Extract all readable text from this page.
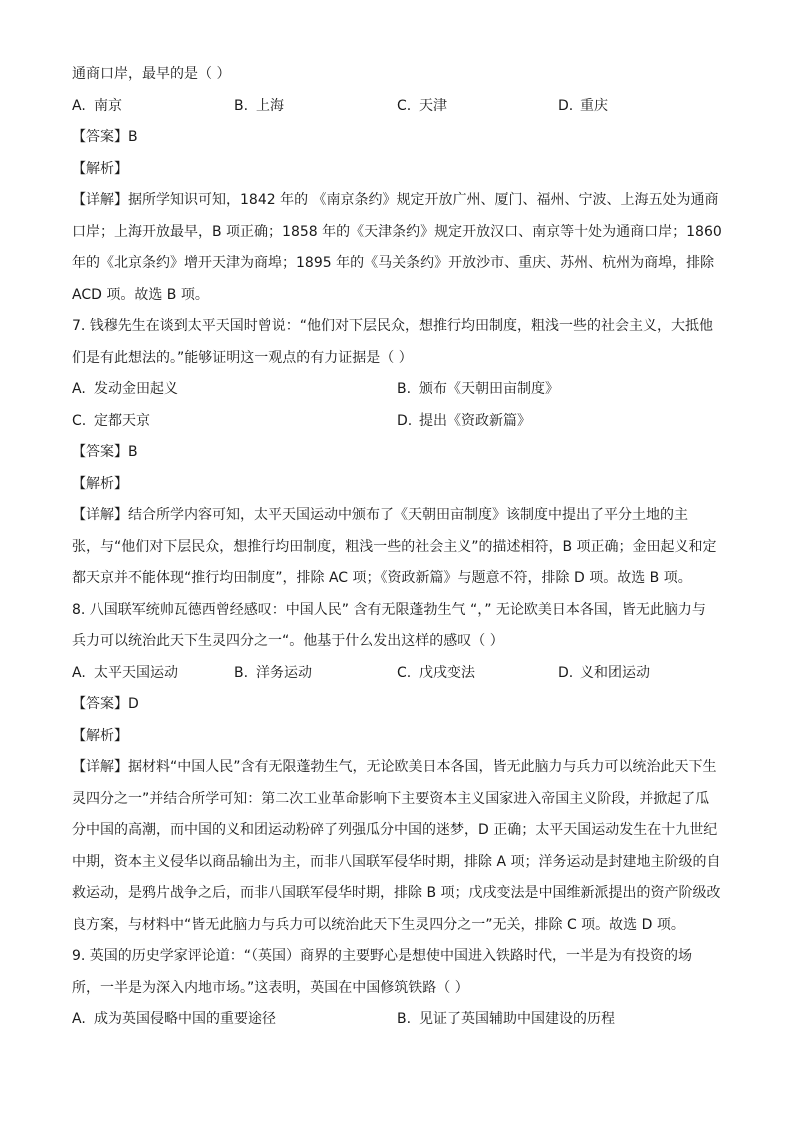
通商口岸，最早的是（ ）
A. 南京	B. 上海	C. 天津	D. 重庆
【答案】B
【解析】
【详解】据所学知识可知，1842 年的 《南京条约》规定开放广州、厦门、福州、宁波、上海五处为通商
口岸；上海开放最早，B 项正确；1858 年的《天津条约》规定开放汉口、南京等十处为通商口岸；1860
年的《北京条约》增开天津为商埠；1895 年的《马关条约》开放沙市、重庆、苏州、杭州为商埠，排除
ACD 项。故选 B 项。
7. 钱穆先生在谈到太平天国时曾说：“他们对下层民众，想推行均田制度，粗浅一些的社会主义，大抵他
们是有此想法的。”能够证明这一观点的有力证据是（ ）
A. 发动金田起义	B. 颁布《天朝田亩制度》
C. 定都天京	D. 提出《资政新篇》
【答案】B
【解析】
【详解】结合所学内容可知，太平天国运动中颁布了《天朝田亩制度》该制度中提出了平分土地的主
张，与“他们对下层民众，想推行均田制度，粗浅一些的社会主义”的描述相符，B 项正确；金田起义和定
都天京并不能体现“推行均田制度”，排除 AC 项；《资政新篇》与题意不符，排除 D 项。故选 B 项。
8. 八国联军统帅瓦德西曾经感叹：中国人民” 含有无限蓬勃生气 “，” 无论欧美日本各国，皆无此脑力与
兵力可以统治此天下生灵四分之一“。他基于什么发出这样的感叹（ ）
A. 太平天国运动	B. 洋务运动	C. 戊戌变法	D. 义和团运动
【答案】D
【解析】
【详解】据材料“中国人民”含有无限蓬勃生气，无论欧美日本各国，皆无此脑力与兵力可以统治此天下生
灵四分之一”并结合所学可知：第二次工业革命影响下主要资本主义国家进入帝国主义阶段，并掀起了瓜
分中国的高潮，而中国的义和团运动粉碎了列强瓜分中国的迷梦，D 正确；太平天国运动发生在十九世纪
中期，资本主义侵华以商品输出为主，而非八国联军侵华时期，排除 A 项；洋务运动是封建地主阶级的自
救运动，是鸦片战争之后，而非八国联军侵华时期，排除 B 项；戊戌变法是中国维新派提出的资产阶级改
良方案，与材料中“皆无此脑力与兵力可以统治此天下生灵四分之一”无关，排除 C 项。故选 D 项。
9. 英国的历史学家评论道：“（英国）商界的主要野心是想使中国进入铁路时代，一半是为有投资的场
所，一半是为深入内地市场。”这表明，英国在中国修筑铁路（ ）
A. 成为英国侵略中国的重要途径	B. 见证了英国辅助中国建设的历程
